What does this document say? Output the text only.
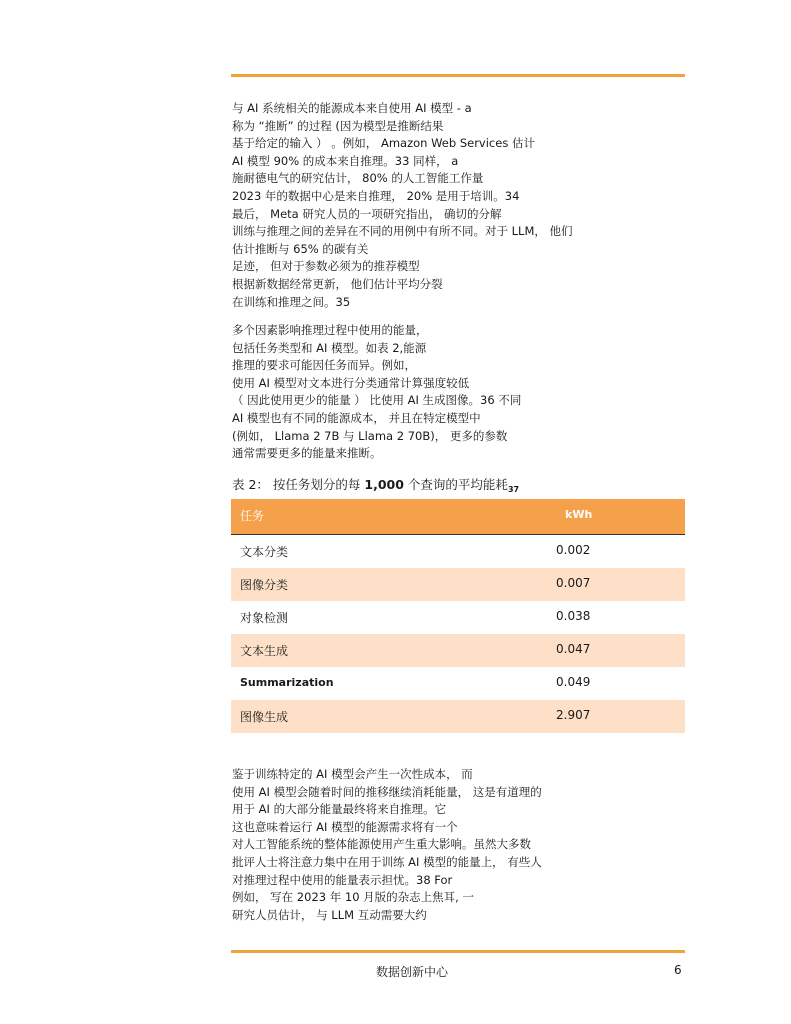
与 AI 系统相关的能源成本来自使用 AI 模型 - a
称为 “推断” 的过程 (因为模型是推断结果
基于给定的输入 ） 。例如， Amazon Web Services 估计
AI 模型 90% 的成本来自推理。33 同样， a
施耐德电气的研究估计， 80% 的人工智能工作量
2023 年的数据中心是来自推理， 20% 是用于培训。34
最后， Meta 研究人员的一项研究指出， 确切的分解
训练与推理之间的差异在不同的用例中有所不同。对于 LLM， 他们
估计推断与 65% 的碳有关
足迹， 但对于参数必须为的推荐模型
根据新数据经常更新， 他们估计平均分裂
在训练和推理之间。35
多个因素影响推理过程中使用的能量，
包括任务类型和 AI 模型。如表 2,能源
推理的要求可能因任务而异。例如，
使用 AI 模型对文本进行分类通常计算强度较低
（ 因此使用更少的能量 ） 比使用 AI 生成图像。36 不同
AI 模型也有不同的能源成本， 并且在特定模型中
(例如， Llama 2 7B 与 Llama 2 70B)， 更多的参数
通常需要更多的能量来推断。
表 2： 按任务划分的每 1,000 个查询的平均能耗$_{37}$
任务	kWh
文本分类	0.002
图像分类	0.007
对象检测	0.038
文本生成	0.047
Summarization	0.049
图像生成	2.907
鉴于训练特定的 AI 模型会产生一次性成本， 而
使用 AI 模型会随着时间的推移继续消耗能量， 这是有道理的
用于 AI 的大部分能量最终将来自推理。它
这也意味着运行 AI 模型的能源需求将有一个
对人工智能系统的整体能源使用产生重大影响。虽然大多数
批评人士将注意力集中在用于训练 AI 模型的能量上， 有些人
对推理过程中使用的能量表示担忧。38 For
例如， 写在 2023 年 10 月版的杂志上焦耳, 一
研究人员估计， 与 LLM 互动需要大约
数据创新中心	6
